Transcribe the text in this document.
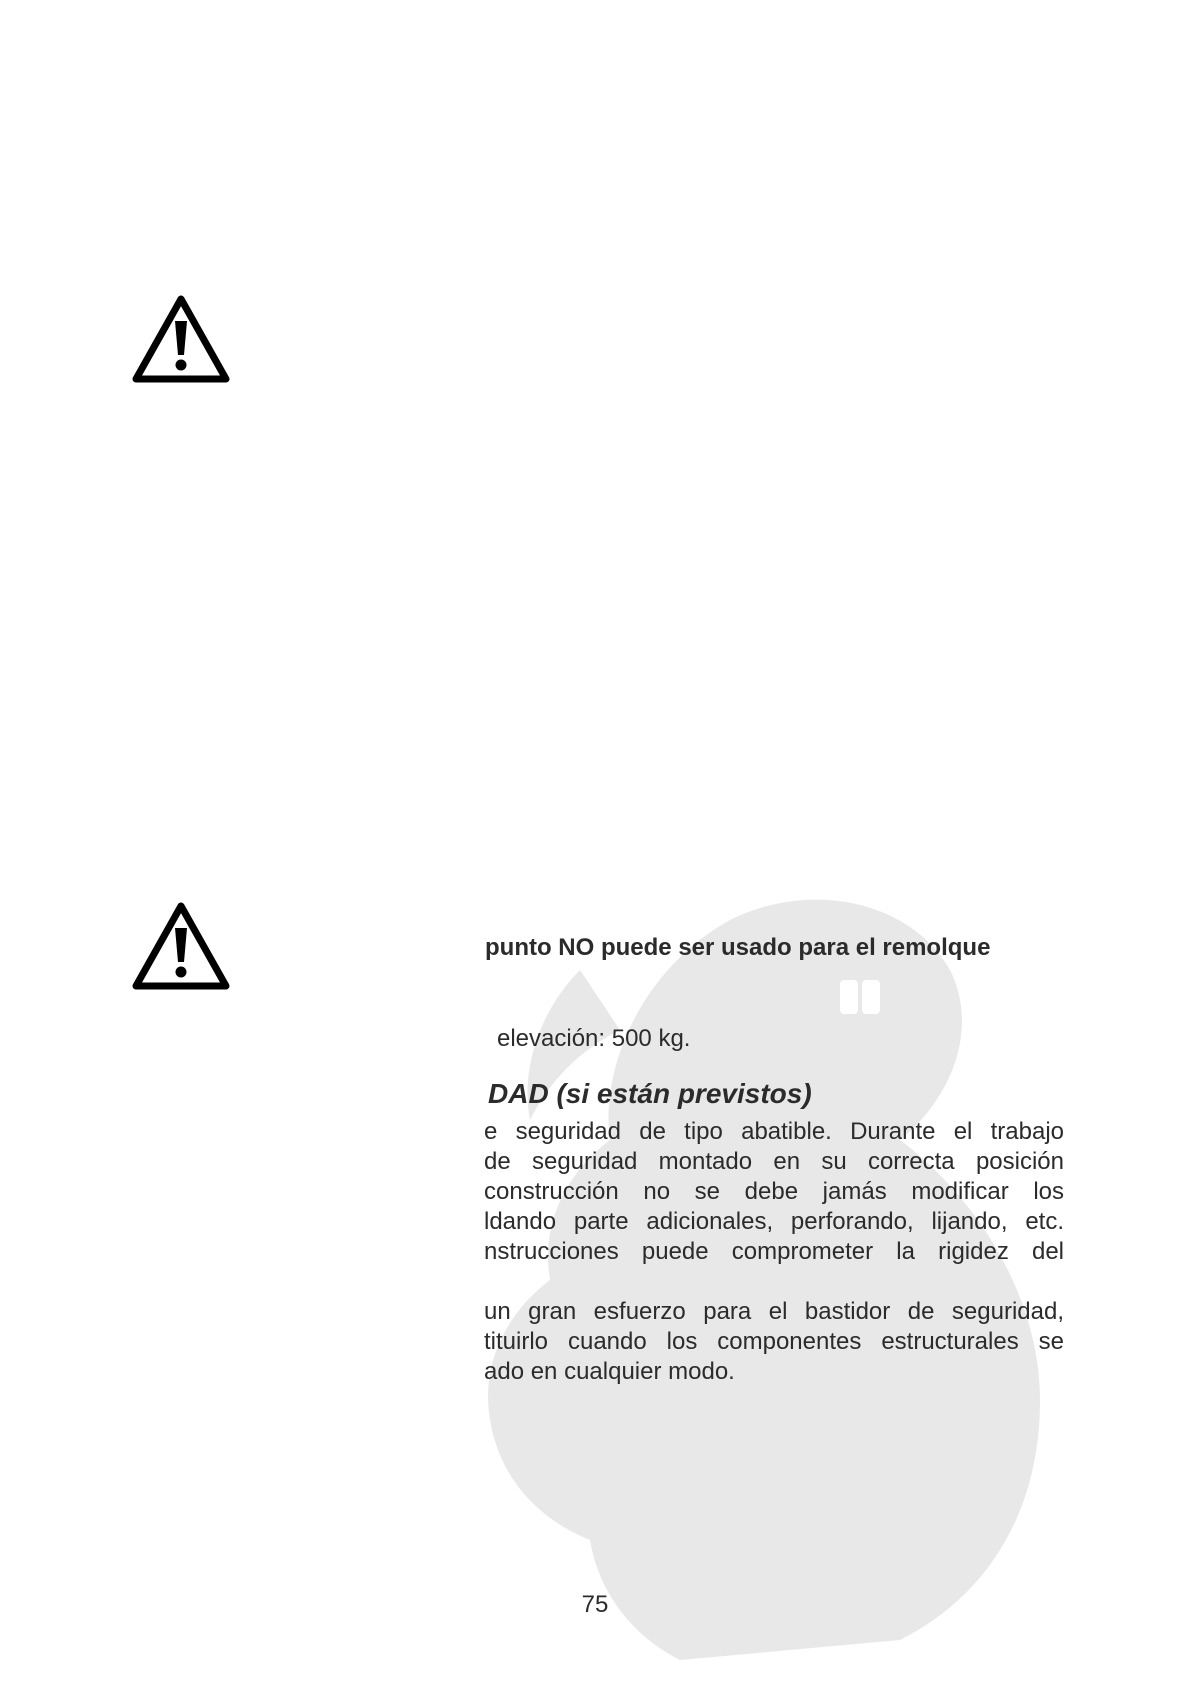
punto NO puede ser usado para el remolque
elevación: 500 kg.
DAD (si están previstos)
e seguridad de tipo abatible. Durante el trabajo
de seguridad montado en su correcta posición
construcción no se debe jamás modificar los
ldando parte adicionales, perforando, lijando, etc.
nstrucciones puede comprometer la rigidez del
un gran esfuerzo para el bastidor de seguridad,
tituirlo cuando los componentes estructurales se
ado en cualquier modo.
75
